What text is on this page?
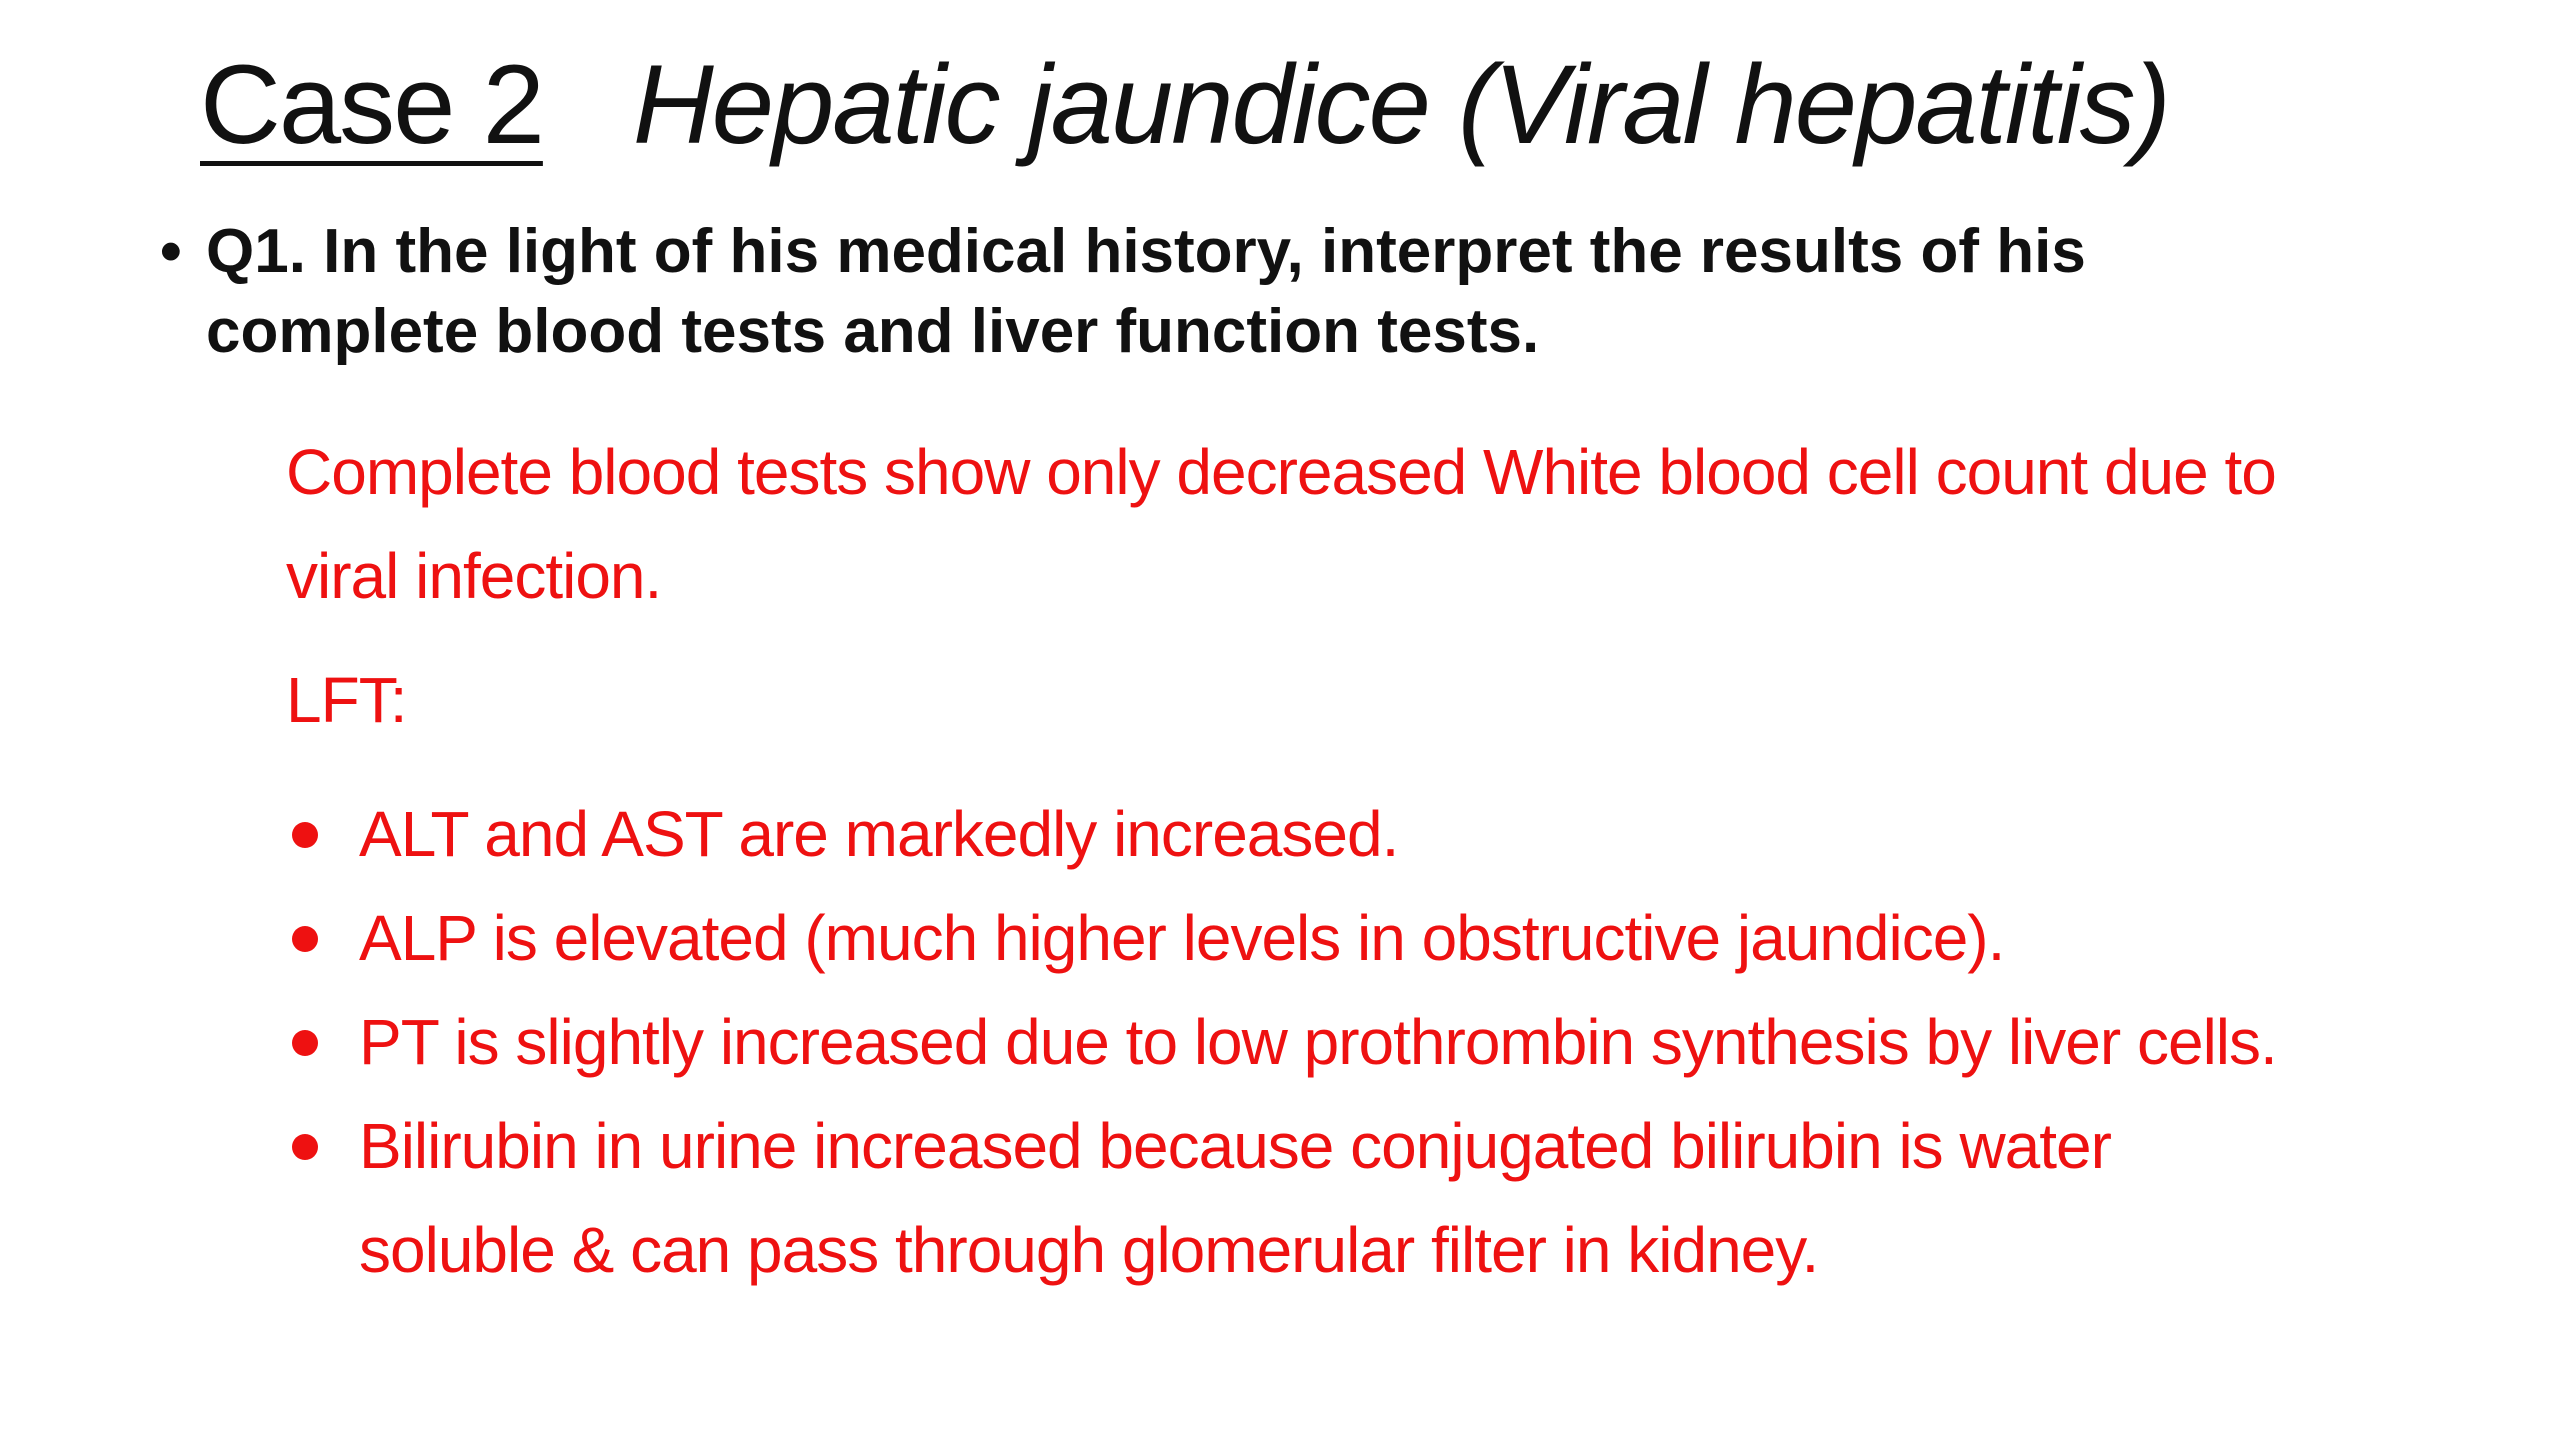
Case 2 Hepatic jaundice (Viral hepatitis)
• Q1. In the light of his medical history, interpret the results of his complete blood tests and liver function tests.

Complete blood tests show only decreased White blood cell count due to viral infection.

LFT:

ALT and AST are markedly increased.
ALP is elevated (much higher levels in obstructive jaundice).
PT is slightly increased due to low prothrombin synthesis by liver cells.
Bilirubin in urine increased because conjugated bilirubin is water soluble & can pass through glomerular filter in kidney.
